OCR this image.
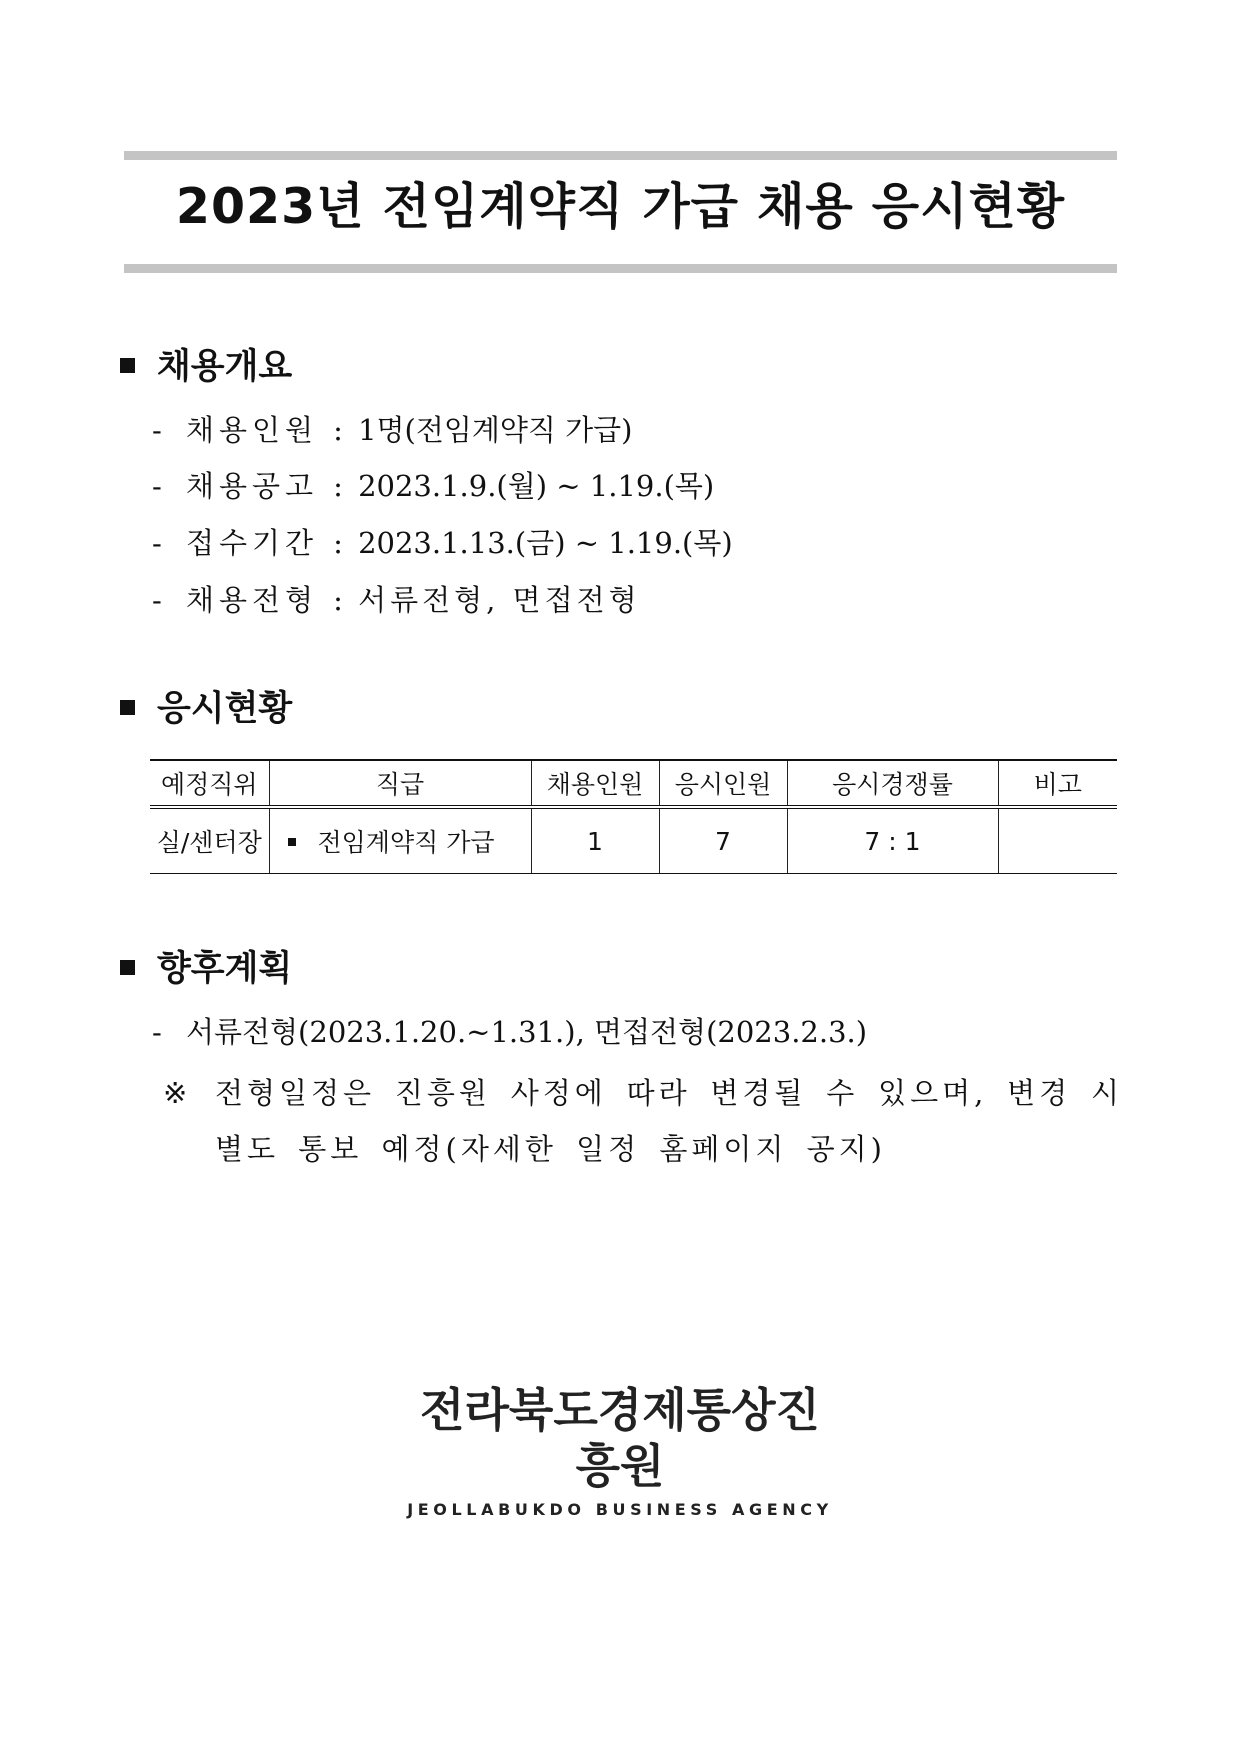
2023년 전임계약직 가급 채용 응시현황
채용개요
- 채용인원 : 1명(전임계약직 가급)
- 채용공고 : 2023.1.9.(월) ~ 1.19.(목)
- 접수기간 : 2023.1.13.(금) ~ 1.19.(목)
- 채용전형 : 서류전형, 면접전형
응시현황
예정직위	직급	채용인원	응시인원	응시경쟁률	비고
실/센터장	전임계약직 가급	1	7	7 : 1	
향후계획
- 서류전형(2023.1.20.~1.31.), 면접전형(2023.2.3.)
※ 전형일정은 진흥원 사정에 따라 변경될 수 있으며, 변경 시 별도 통보 예정(자세한 일정 홈페이지 공지)
전라북도경제통상진흥원
JEOLLABUKDO BUSINESS AGENCY
